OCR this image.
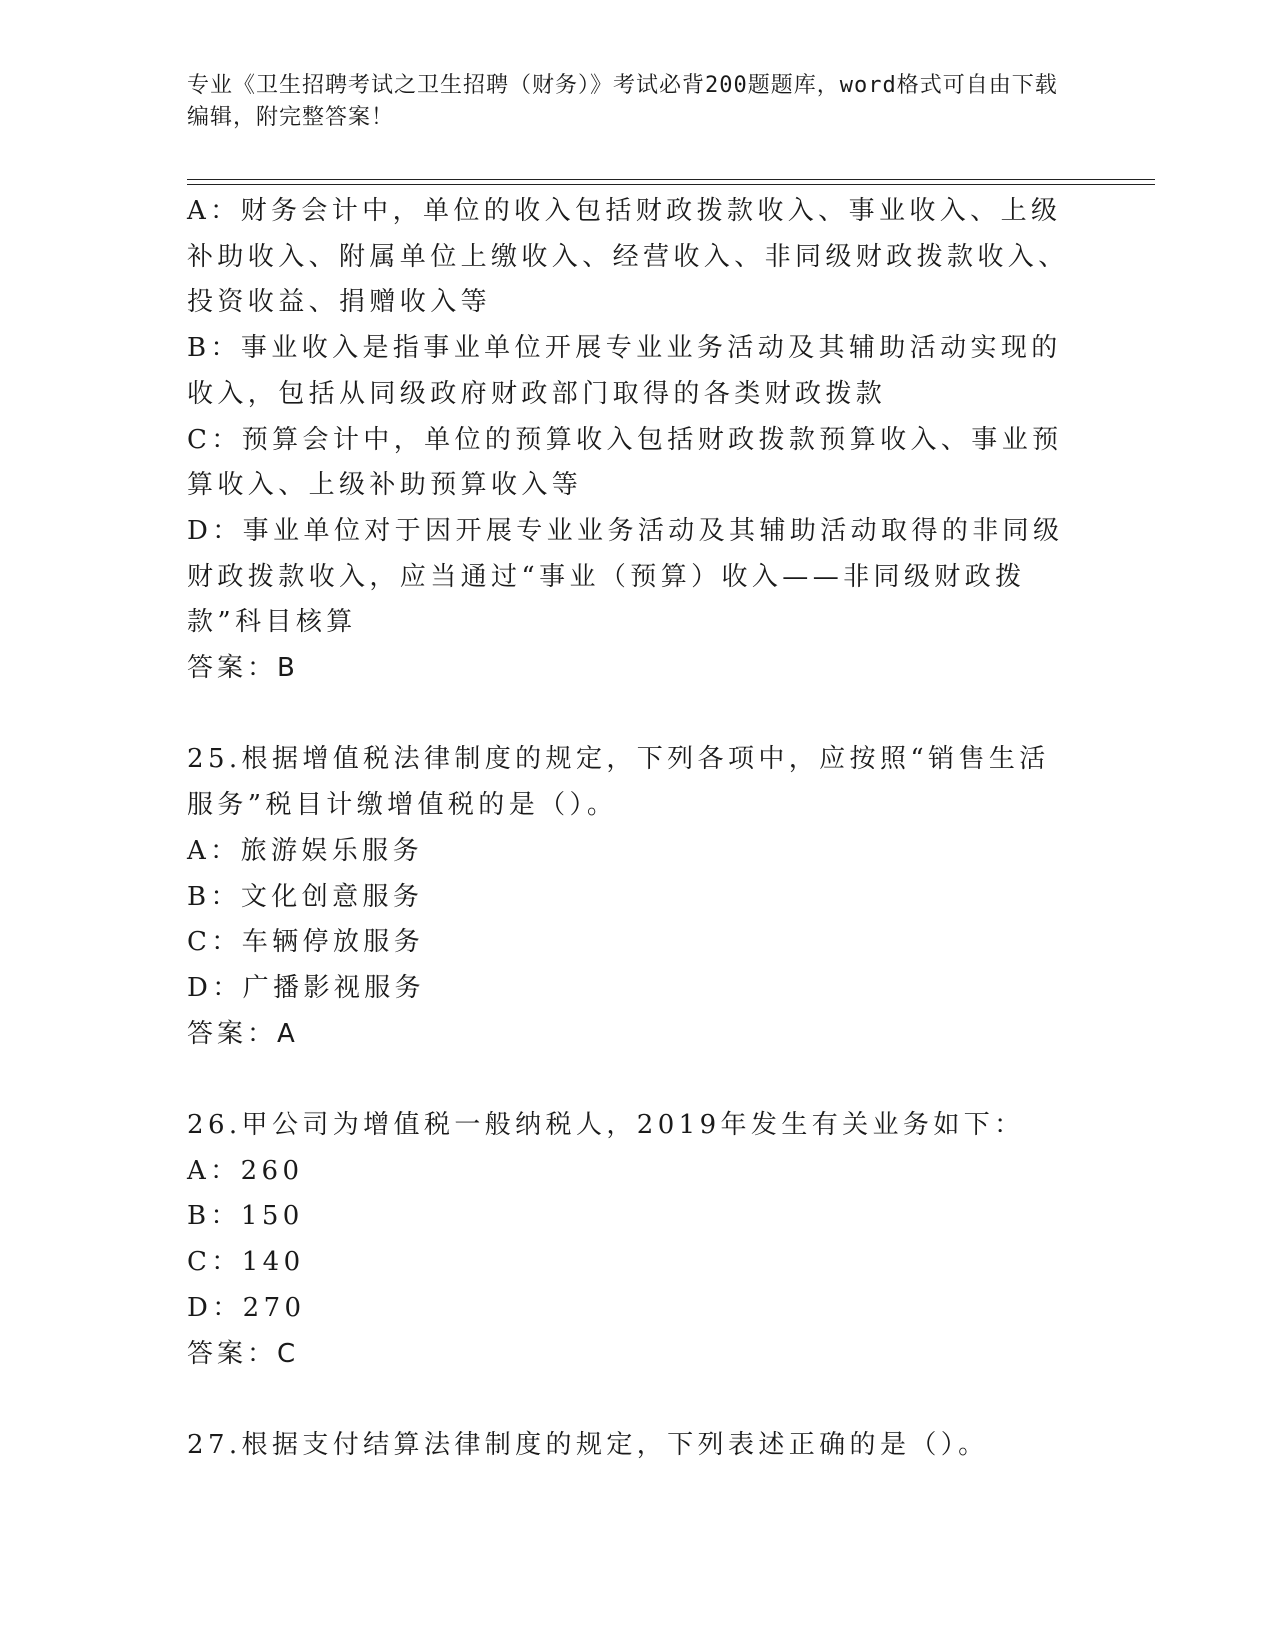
专业《卫生招聘考试之卫生招聘（财务）》考试必背200题题库，word格式可自由下载编辑，附完整答案！

A：财务会计中，单位的收入包括财政拨款收入、事业收入、上级补助收入、附属单位上缴收入、经营收入、非同级财政拨款收入、投资收益、捐赠收入等

B：事业收入是指事业单位开展专业业务活动及其辅助活动实现的收入，包括从同级政府财政部门取得的各类财政拨款

C：预算会计中，单位的预算收入包括财政拨款预算收入、事业预算收入、上级补助预算收入等

D：事业单位对于因开展专业业务活动及其辅助活动取得的非同级财政拨款收入，应当通过“事业（预算）收入——非同级财政拨款”科目核算

答案：B

25.根据增值税法律制度的规定，下列各项中，应按照“销售生活服务”税目计缴增值税的是（）。

A：旅游娱乐服务

B：文化创意服务

C：车辆停放服务

D：广播影视服务

答案：A

26.甲公司为增值税一般纳税人，2019年发生有关业务如下：

A：260

B：150

C：140

D：270

答案：C

27.根据支付结算法律制度的规定，下列表述正确的是（）。
